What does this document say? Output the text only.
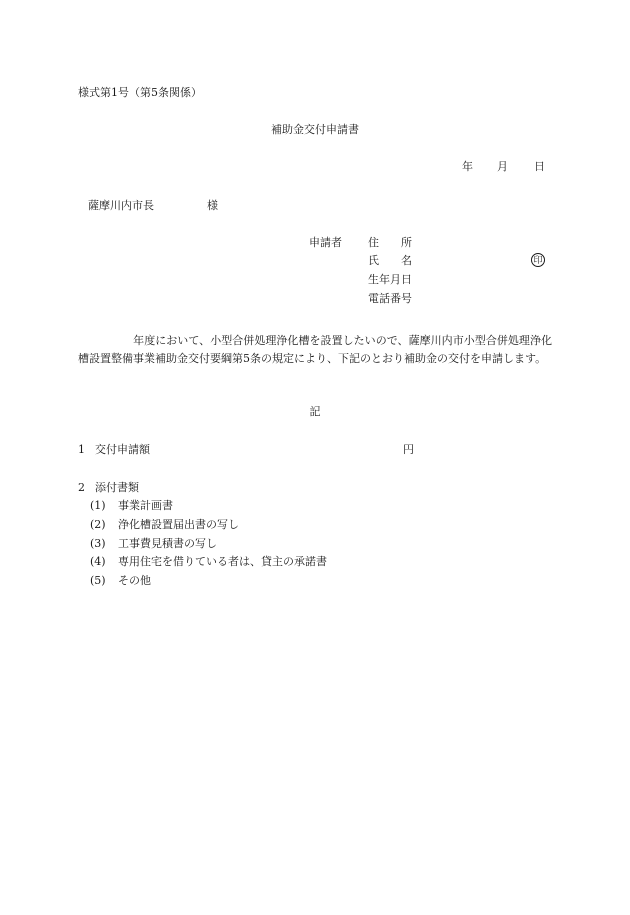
様式第1号（第5条関係）
補助金交付申請書
年 月 日
薩摩川内市長	様
申請者 住　　所
氏　　名	印
生年月日
電話番号
　　　　　年度において、小型合併処理浄化槽を設置したいので、薩摩川内市小型合併処理浄化槽設置整備事業補助金交付要綱第5条の規定により、下記のとおり補助金の交付を申請します。
記
1 交付申請額	円
2 添付書類
(1) 事業計画書
(2) 浄化槽設置届出書の写し
(3) 工事費見積書の写し
(4) 専用住宅を借りている者は、貸主の承諾書
(5) その他
